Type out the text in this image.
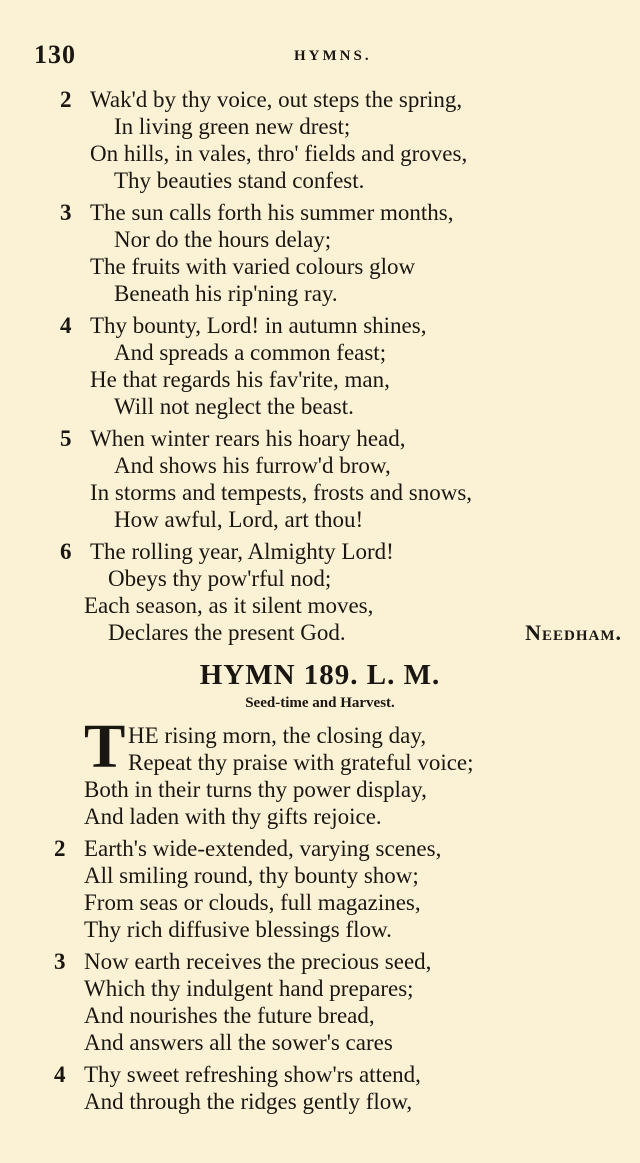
130	HYMNS.
2 Wak'd by thy voice, out steps the spring,
In living green new drest;
On hills, in vales, thro' fields and groves,
Thy beauties stand confest.
3 The sun calls forth his summer months,
Nor do the hours delay;
The fruits with varied colours glow
Beneath his rip'ning ray.
4 Thy bounty, Lord! in autumn shines,
And spreads a common feast;
He that regards his fav'rite, man,
Will not neglect the beast.
5 When winter rears his hoary head,
And shows his furrow'd brow,
In storms and tempests, frosts and snows,
How awful, Lord, art thou!
6 The rolling year, Almighty Lord!
Obeys thy pow'rful nod;
Each season, as it silent moves,
Declares the present God.	Needham.
HYMN 189. L. M.
Seed-time and Harvest.
T HE rising morn, the closing day,
Repeat thy praise with grateful voice;
Both in their turns thy power display,
And laden with thy gifts rejoice.
2 Earth's wide-extended, varying scenes,
All smiling round, thy bounty show;
From seas or clouds, full magazines,
Thy rich diffusive blessings flow.
3 Now earth receives the precious seed,
Which thy indulgent hand prepares;
And nourishes the future bread,
And answers all the sower's cares
4 Thy sweet refreshing show'rs attend,
And through the ridges gently flow,
